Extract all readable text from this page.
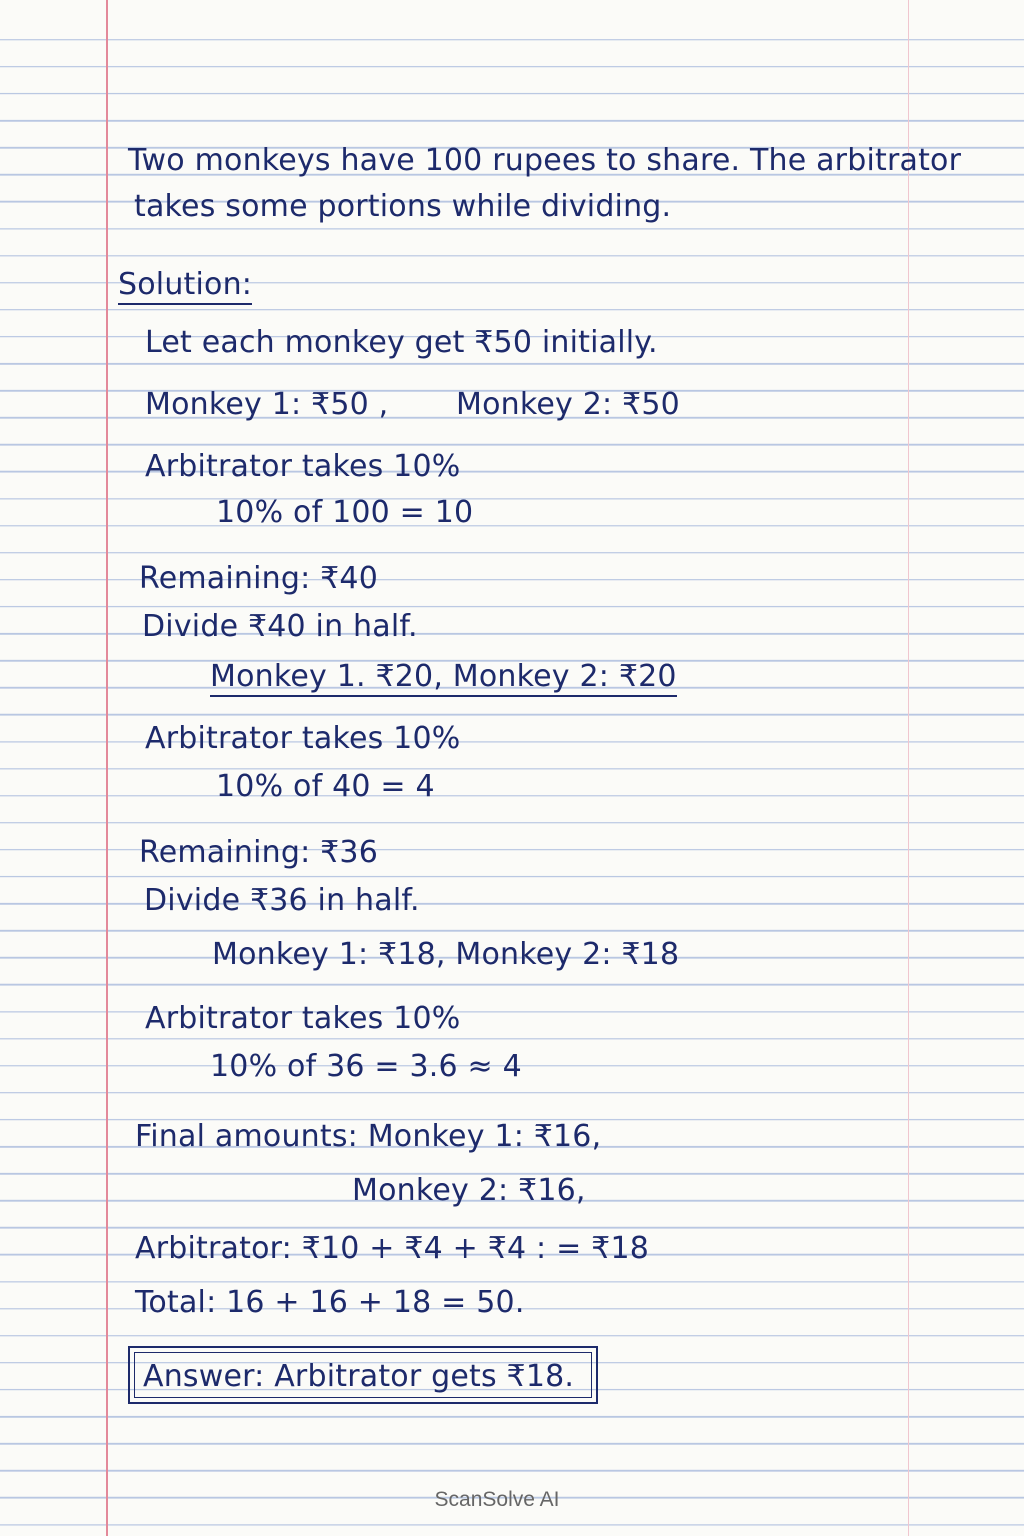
Two monkeys have 100 rupees to share. The arbitrator
takes some portions while dividing.
Solution:
Let each monkey get ₹50 initially.
Monkey 1: ₹50 , Monkey 2: ₹50
Arbitrator takes 10%
10% of 100 = 10
Remaining: ₹40
Divide ₹40 in half.
Monkey 1. ₹20, Monkey 2: ₹20
Arbitrator takes 10%
10% of 40 = 4
Remaining: ₹36
Divide ₹36 in half.
Monkey 1: ₹18, Monkey 2: ₹18
Arbitrator takes 10%
10% of 36 = 3.6 ≈ 4
Final amounts: Monkey 1: ₹16,
Monkey 2: ₹16,
Arbitrator: ₹10 + ₹4 + ₹4 : = ₹18
Total: 16 + 16 + 18 = 50.
Answer: Arbitrator gets ₹18.
ScanSolve AI
